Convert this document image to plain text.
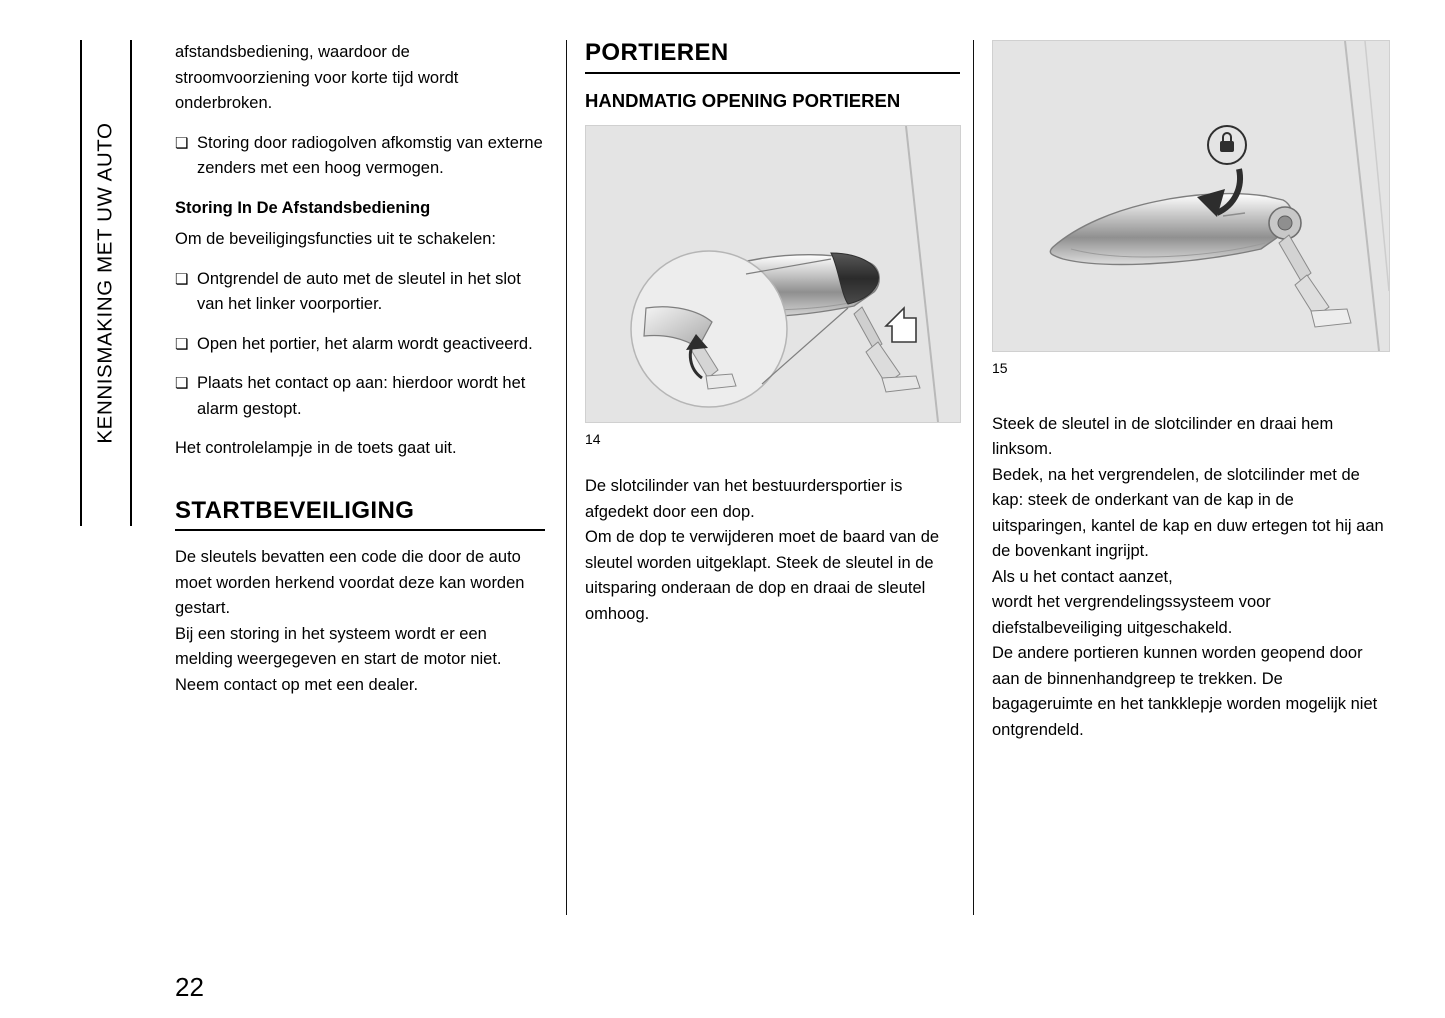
KENNISMAKING MET UW AUTO

afstandsbediening, waardoor de stroomvoorziening voor korte tijd wordt onderbroken.

❏ Storing door radiogolven afkomstig van externe zenders met een hoog vermogen.

Storing In De Afstandsbediening

Om de beveiligingsfuncties uit te schakelen:

❏ Ontgrendel de auto met de sleutel in het slot van het linker voorportier.
❏ Open het portier, het alarm wordt geactiveerd.
❏ Plaats het contact op aan: hierdoor wordt het alarm gestopt.

Het controlelampje in de toets gaat uit.

STARTBEVEILIGING

De sleutels bevatten een code die door de auto moet worden herkend voordat deze kan worden gestart.

Bij een storing in het systeem wordt er een melding weergegeven en start de motor niet.

Neem contact op met een dealer.

PORTIEREN

HANDMATIG OPENING PORTIEREN

14

De slotcilinder van het bestuurdersportier is afgedekt door een dop.

Om de dop te verwijderen moet de baard van de sleutel worden uitgeklapt. Steek de sleutel in de uitsparing onderaan de dop en draai de sleutel omhoog.

15

Steek de sleutel in de slotcilinder en draai hem linksom.

Bedek, na het vergrendelen, de slotcilinder met de kap: steek de onderkant van de kap in de uitsparingen, kantel de kap en duw ertegen tot hij aan de bovenkant ingrijpt.

Als u het contact aanzet,

wordt het vergrendelingssysteem voor diefstalbeveiliging uitgeschakeld.

De andere portieren kunnen worden geopend door aan de binnenhandgreep te trekken. De bagageruimte en het tankklepje worden mogelijk niet ontgrendeld.

22
